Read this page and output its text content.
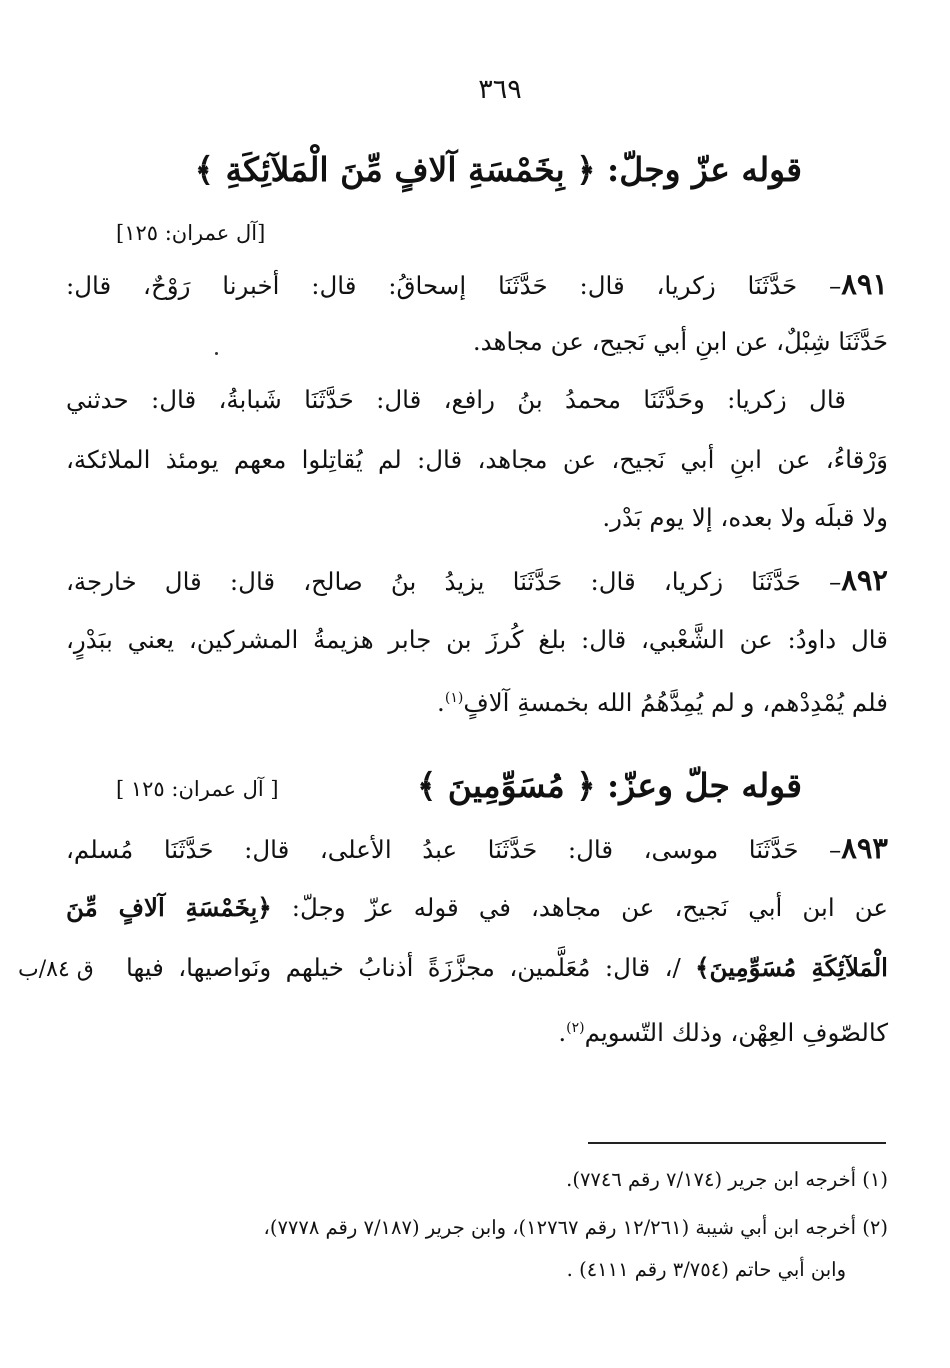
٣٦٩
قوله عزّ وجلّ: ﴿ بِخَمْسَةِ آلافٍ مِّنَ الْمَلآئِكَةِ ﴾
[آل عمران: ١٢٥]
٨٩١– حَدَّثَنَا زكريا، قال: حَدَّثَنَا إسحاقُ: قال: أخبرنا رَوْحٌ، قال:
حَدَّثَنَا شِبْلٌ، عن ابنِ أبي نَجيح، عن مجاهد.
قال زكريا: وحَدَّثَنَا محمدُ بنُ رافع، قال: حَدَّثَنَا شَبابةُ، قال: حدثني
وَرْقاءُ، عن ابنِ أبي نَجيح، عن مجاهد، قال: لم يُقاتِلوا معهم يومئذ الملائكة،
ولا قبلَه ولا بعده، إلا يوم بَدْر.
٨٩٢– حَدَّثَنَا زكريا، قال: حَدَّثَنَا يزيدُ بنُ صالح، قال: قال خارجة،
قال داودُ: عن الشَّعْبي، قال: بلغ كُرزَ بن جابر هزيمةُ المشركين، يعني ببَدْرٍ،
فلم يُمْدِدْهم، و لم يُمِدَّهُمُ الله بخمسةِ آلافٍ$^{(١)}$.
قوله جلّ وعزّ: ﴿ مُسَوِّمِينَ ﴾
[ آل عمران: ١٢٥ ]
٨٩٣– حَدَّثَنَا موسى، قال: حَدَّثَنَا عبدُ الأعلى، قال: حَدَّثَنَا مُسلم،
عن ابن أبي نَجيح، عن مجاهد، في قوله عزّ وجلّ: ﴿بِخَمْسَةِ آلافٍ مِّنَ
الْمَلآئِكَةِ مُسَوِّمِينَ﴾ /، قال: مُعَلَّمين، مجزَّزَةً أذنابُ خيلهم ونَواصيها، فيها
كالصّوفِ العِهْن، وذلك التّسويم$^{(٢)}$.
ق ٨٤/ب
(١) أخرجه ابن جرير (٧/١٧٤ رقم ٧٧٤٦).
(٢) أخرجه ابن أبي شيبة (١٢/٢٦١ رقم ١٢٧٦٧)، وابن جرير (٧/١٨٧ رقم ٧٧٧٨)،
وابن أبي حاتم (٣/٧٥٤ رقم ٤١١١) .
